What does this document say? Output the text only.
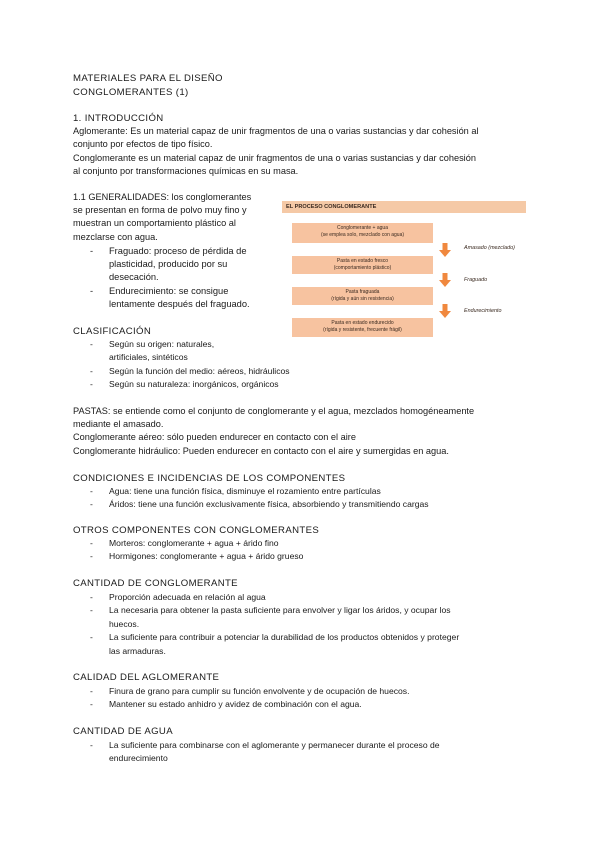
MATERIALES PARA EL DISEÑO

CONGLOMERANTES (1)

1. INTRODUCCIÓN

Aglomerante: Es un material capaz de unir fragmentos de una o varias sustancias y dar cohesión al

conjunto por efectos de tipo físico.

Conglomerante es un material capaz de unir fragmentos de una o varias sustancias y dar cohesión

al conjunto por transformaciones químicas en su masa.

1.1 GENERALIDADES: los conglomerantes

se presentan en forma de polvo muy fino y

muestran un comportamiento plástico al

mezclarse con agua.

- Fraguado: proceso de pérdida de
plasticidad, producido por su
desecación.
- Endurecimiento: se consigue
lentamente después del fraguado.
EL PROCESO CONGLOMERANTE
Conglomerante + agua
(se emplea solo, mezclado con agua)
Amasado (mezclado)
Pasta en estado fresco
(comportamiento plástico)
Fraguado
Pasta fraguada
(rígida y aún sin resistencia)
Endurecimiento
Pasta en estado endurecido
(rígida y resistente, frecuente frágil)

CLASIFICACIÓN

- Según su origen: naturales,
artificiales, sintéticos
- Según la función del medio: aéreos, hidráulicos
- Según su naturaleza: inorgánicos, orgánicos

PASTAS: se entiende como el conjunto de conglomerante y el agua, mezclados homogéneamente

mediante el amasado.

Conglomerante aéreo: sólo pueden endurecer en contacto con el aire

Conglomerante hidráulico: Pueden endurecer en contacto con el aire y sumergidas en agua.

CONDICIONES E INCIDENCIAS DE LOS COMPONENTES

- Agua: tiene una función física, disminuye el rozamiento entre partículas
- Áridos: tiene una función exclusivamente física, absorbiendo y transmitiendo cargas

OTROS COMPONENTES CON CONGLOMERANTES

- Morteros: conglomerante + agua + árido fino
- Hormigones: conglomerante + agua + árido grueso

CANTIDAD DE CONGLOMERANTE

- Proporción adecuada en relación al agua
- La necesaria para obtener la pasta suficiente para envolver y ligar los áridos, y ocupar los
huecos.
- La suficiente para contribuir a potenciar la durabilidad de los productos obtenidos y proteger
las armaduras.

CALIDAD DEL AGLOMERANTE

- Finura de grano para cumplir su función envolvente y de ocupación de huecos.
- Mantener su estado anhidro y avidez de combinación con el agua.

CANTIDAD DE AGUA

- La suficiente para combinarse con el aglomerante y permanecer durante el proceso de
endurecimiento
